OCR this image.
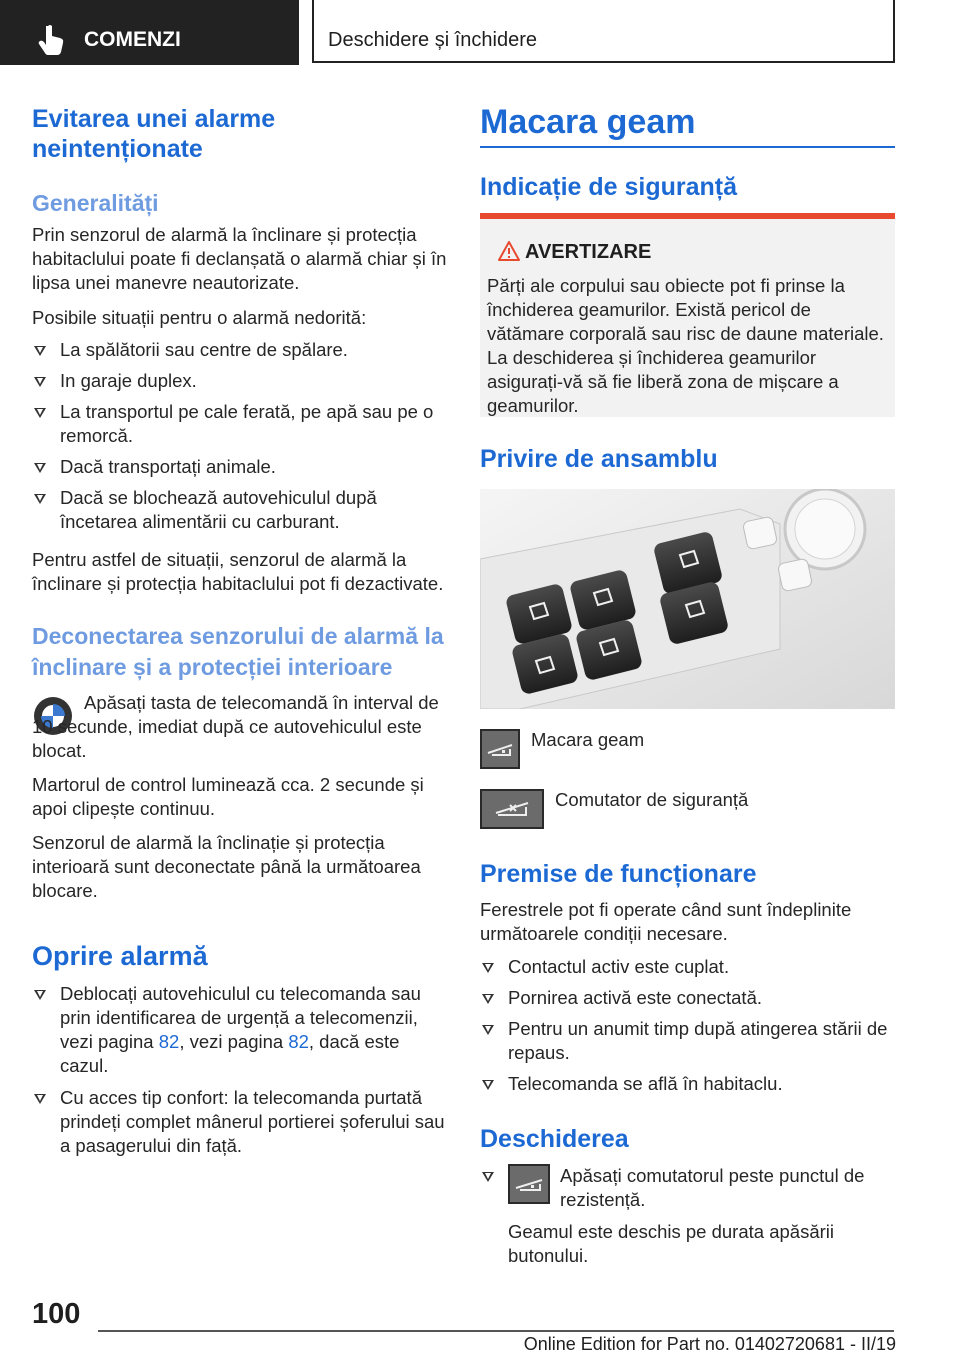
COMENZI	Deschidere și închidere
Evitarea unei alarme neintenționate
Generalități

Prin senzorul de alarmă la înclinare și protecția habitaclului poate fi declanșată o alarmă chiar și în lipsa unei manevre neautorizate.

Posibile situații pentru o alarmă nedorită:

La spălătorii sau centre de spălare.

In garaje duplex.

La transportul pe cale ferată, pe apă sau pe o remorcă.

Dacă transportați animale.

Dacă se blochează autovehiculul după încetarea alimentării cu carburant.

Pentru astfel de situații, senzorul de alarmă la înclinare și protecția habitaclului pot fi dezactivate.

Deconectarea senzorului de alarmă la înclinare și a protecției interioare

Apăsați tasta de telecomandă în interval de 10 secunde, imediat după ce autovehiculul este blocat.

Martorul de control luminează cca. 2 secunde și apoi clipește continuu.

Senzorul de alarmă la înclinație și protecția interioară sunt deconectate până la următoarea blocare.

Oprire alarmă

Deblocați autovehiculul cu telecomanda sau prin identificarea de urgență a telecomenzii, vezi pagina 82, vezi pagina 82, dacă este cazul.

Cu acces tip confort: la telecomanda purtată prindeți complet mânerul portierei șoferului sau a pasagerului din față.

Macara geam
Indicație de siguranță
AVERTIZARE

Părți ale corpului sau obiecte pot fi prinse la închiderea geamurilor. Există pericol de vătămare corporală sau risc de daune materiale. La deschiderea și închiderea geamurilor asigurați-vă să fie liberă zona de mișcare a geamurilor.

Privire de ansamblu

Macara geam

Comutator de siguranță

Premise de funcționare

Ferestrele pot fi operate când sunt îndeplinite următoarele condiții necesare.

Contactul activ este cuplat.

Pornirea activă este conectată.

Pentru un anumit timp după atingerea stării de repaus.

Telecomanda se află în habitaclu.

Deschiderea

Apăsați comutatorul peste punctul de rezistență.

Geamul este deschis pe durata apăsării butonului.

100
Online Edition for Part no. 01402720681 - II/19
